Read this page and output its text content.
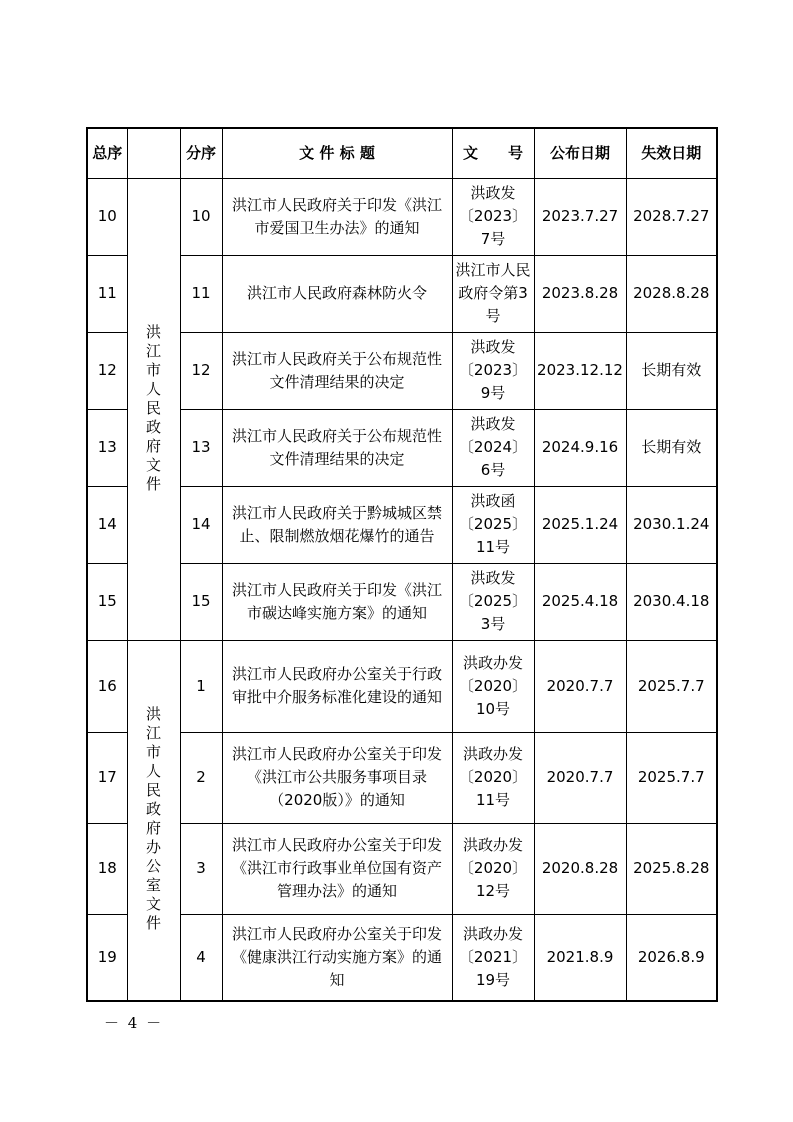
总序		分序	文 件 标 题	文　　号	公布日期	失效日期
10	洪江市人民政府文件	10	洪江市人民政府关于印发《洪江市爱国卫生办法》的通知	洪政发〔2023〕7号	2023.7.27	2028.7.27
11		11	洪江市人民政府森林防火令	洪江市人民政府令第3号	2023.8.28	2028.8.28
12		12	洪江市人民政府关于公布规范性文件清理结果的决定	洪政发〔2023〕9号	2023.12.12	长期有效
13		13	洪江市人民政府关于公布规范性文件清理结果的决定	洪政发〔2024〕6号	2024.9.16	长期有效
14		14	洪江市人民政府关于黔城城区禁止、限制燃放烟花爆竹的通告	洪政函〔2025〕11号	2025.1.24	2030.1.24
15		15	洪江市人民政府关于印发《洪江市碳达峰实施方案》的通知	洪政发〔2025〕3号	2025.4.18	2030.4.18
16	洪江市人民政府办公室文件	1	洪江市人民政府办公室关于行政审批中介服务标准化建设的通知	洪政办发〔2020〕10号	2020.7.7	2025.7.7
17		2	洪江市人民政府办公室关于印发《洪江市公共服务事项目录（2020版）》的通知	洪政办发〔2020〕11号	2020.7.7	2025.7.7
18		3	洪江市人民政府办公室关于印发《洪江市行政事业单位国有资产管理办法》的通知	洪政办发〔2020〕12号	2020.8.28	2025.8.28
19		4	洪江市人民政府办公室关于印发《健康洪江行动实施方案》的通知	洪政办发〔2021〕19号	2021.8.9	2026.8.9
－ 4 －
